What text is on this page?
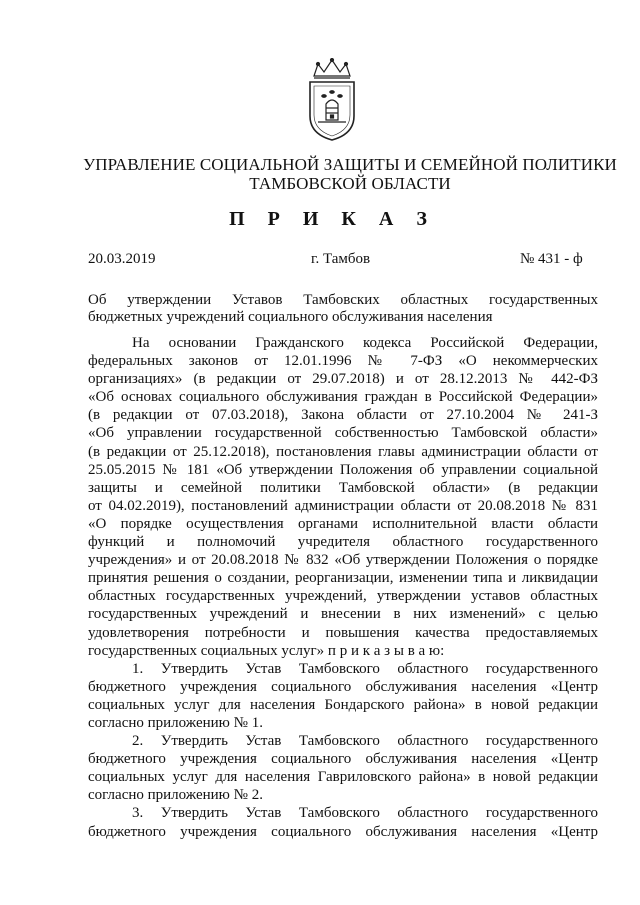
УПРАВЛЕНИЕ СОЦИАЛЬНОЙ ЗАЩИТЫ И СЕМЕЙНОЙ ПОЛИТИКИ
ТАМБОВСКОЙ ОБЛАСТИ
П Р И К А З
20.03.2019	г. Тамбов	№ 431 - ф
Об утверждении Уставов Тамбовских областных государственных
бюджетных учреждений социального обслуживания населения
На основании Гражданского кодекса Российской Федерации,
федеральных законов от 12.01.1996 № 7-ФЗ «О некоммерческих
организациях» (в редакции от 29.07.2018) и от 28.12.2013 № 442-ФЗ
«Об основах социального обслуживания граждан в Российской Федерации»
(в редакции от 07.03.2018), Закона области от 27.10.2004 № 241-З
«Об управлении государственной собственностью Тамбовской области»
(в редакции от 25.12.2018), постановления главы администрации области от
25.05.2015 № 181 «Об утверждении Положения об управлении социальной
защиты и семейной политики Тамбовской области» (в редакции
от 04.02.2019), постановлений администрации области от 20.08.2018 № 831
«О порядке осуществления органами исполнительной власти области
функций и полномочий учредителя областного государственного
учреждения» и от 20.08.2018 № 832 «Об утверждении Положения о порядке
принятия решения о создании, реорганизации, изменении типа и ликвидации
областных государственных учреждений, утверждении уставов областных
государственных учреждений и внесении в них изменений» с целью
удовлетворения потребности и повышения качества предоставляемых
государственных социальных услуг» п р и к а з ы в а ю:
1. Утвердить Устав Тамбовского областного государственного
бюджетного учреждения социального обслуживания населения «Центр
социальных услуг для населения Бондарского района» в новой редакции
согласно приложению № 1.
2. Утвердить Устав Тамбовского областного государственного
бюджетного учреждения социального обслуживания населения «Центр
социальных услуг для населения Гавриловского района» в новой редакции
согласно приложению № 2.
3. Утвердить Устав Тамбовского областного государственного
бюджетного учреждения социального обслуживания населения «Центр
